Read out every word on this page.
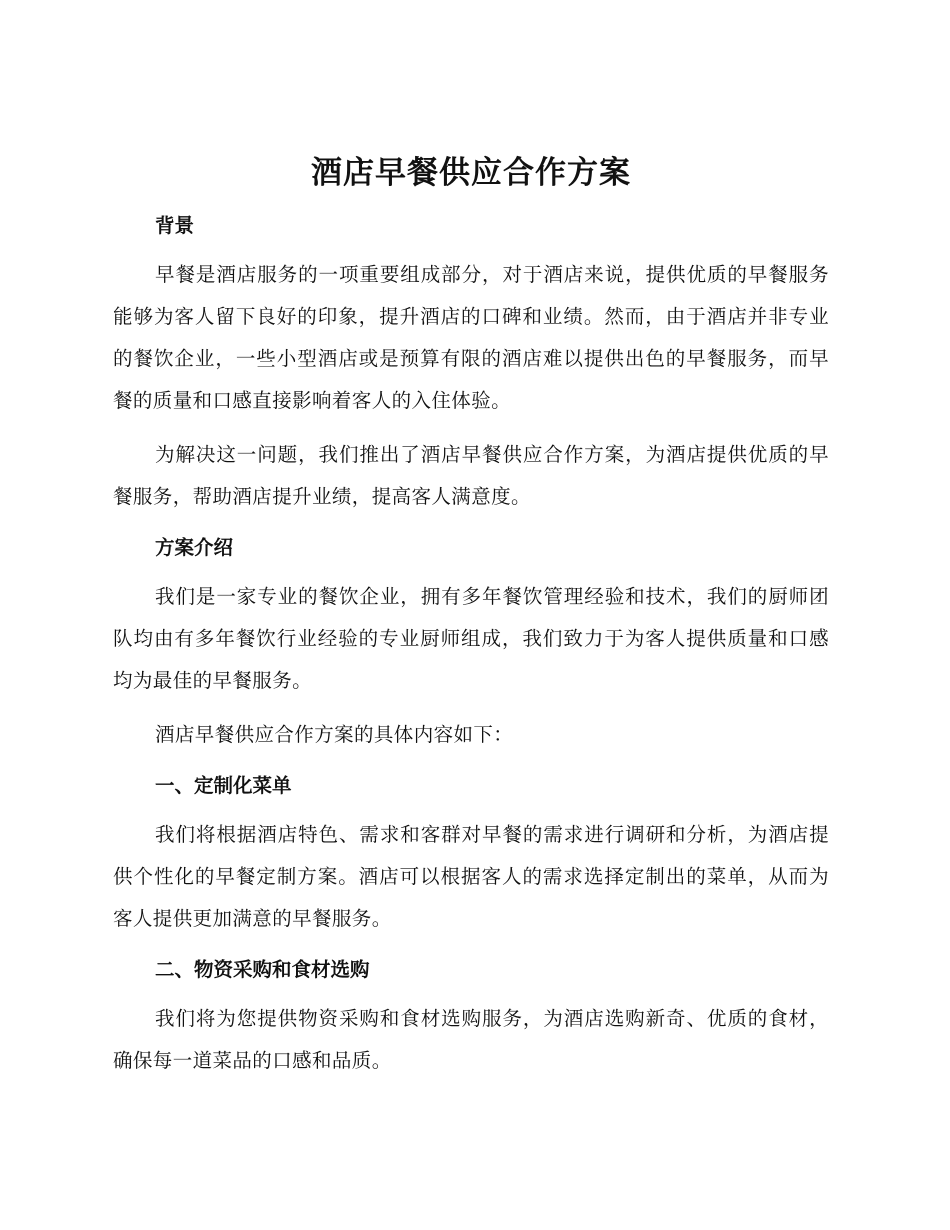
酒店早餐供应合作方案
背景

早餐是酒店服务的一项重要组成部分，对于酒店来说，提供优质的早餐服务能够为客人留下良好的印象，提升酒店的口碑和业绩。然而，由于酒店并非专业的餐饮企业，一些小型酒店或是预算有限的酒店难以提供出色的早餐服务，而早餐的质量和口感直接影响着客人的入住体验。

为解决这一问题，我们推出了酒店早餐供应合作方案，为酒店提供优质的早餐服务，帮助酒店提升业绩，提高客人满意度。

方案介绍

我们是一家专业的餐饮企业，拥有多年餐饮管理经验和技术，我们的厨师团队均由有多年餐饮行业经验的专业厨师组成，我们致力于为客人提供质量和口感均为最佳的早餐服务。

酒店早餐供应合作方案的具体内容如下：

一、定制化菜单

我们将根据酒店特色、需求和客群对早餐的需求进行调研和分析，为酒店提供个性化的早餐定制方案。酒店可以根据客人的需求选择定制出的菜单，从而为客人提供更加满意的早餐服务。

二、物资采购和食材选购

我们将为您提供物资采购和食材选购服务，为酒店选购新奇、优质的食材，确保每一道菜品的口感和品质。
